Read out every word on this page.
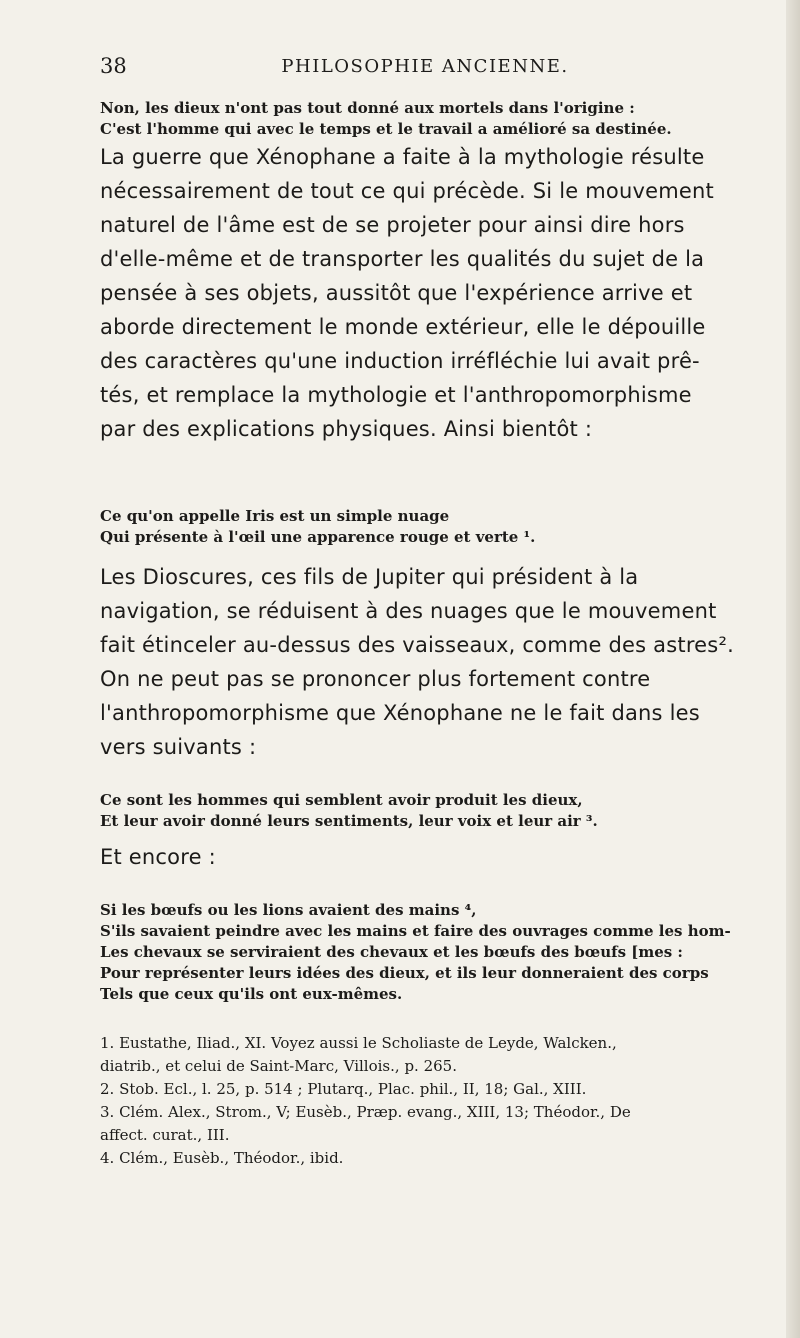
38	PHILOSOPHIE ANCIENNE.
Non, les dieux n'ont pas tout donné aux mortels dans l'origine :
C'est l'homme qui avec le temps et le travail a amélioré sa destinée.
La guerre que Xénophane a faite à la mythologie résulte
nécessairement de tout ce qui précède. Si le mouvement
naturel de l'âme est de se projeter pour ainsi dire hors
d'elle-même et de transporter les qualités du sujet de la
pensée à ses objets, aussitôt que l'expérience arrive et
aborde directement le monde extérieur, elle le dépouille
des caractères qu'une induction irréfléchie lui avait prê-
tés, et remplace la mythologie et l'anthropomorphisme
par des explications physiques. Ainsi bientôt :
Ce qu'on appelle Iris est un simple nuage
Qui présente à l'œil une apparence rouge et verte ¹.
Les Dioscures, ces fils de Jupiter qui président à la
navigation, se réduisent à des nuages que le mouvement
fait étinceler au-dessus des vaisseaux, comme des astres².
On ne peut pas se prononcer plus fortement contre
l'anthropomorphisme que Xénophane ne le fait dans les
vers suivants :
Ce sont les hommes qui semblent avoir produit les dieux,
Et leur avoir donné leurs sentiments, leur voix et leur air ³.
Et encore :
Si les bœufs ou les lions avaient des mains ⁴,
S'ils savaient peindre avec les mains et faire des ouvrages comme les hom-
Les chevaux se serviraient des chevaux et les bœufs des bœufs [mes :
Pour représenter leurs idées des dieux, et ils leur donneraient des corps
Tels que ceux qu'ils ont eux-mêmes.
1. Eustathe, Iliad., XI. Voyez aussi le Scholiaste de Leyde, Walcken.,
diatrib., et celui de Saint-Marc, Villois., p. 265.
2. Stob. Ecl., l. 25, p. 514 ; Plutarq., Plac. phil., II, 18; Gal., XIII.
3. Clém. Alex., Strom., V; Eusèb., Præp. evang., XIII, 13; Théodor., De
affect. curat., III.
4. Clém., Eusèb., Théodor., ibid.
